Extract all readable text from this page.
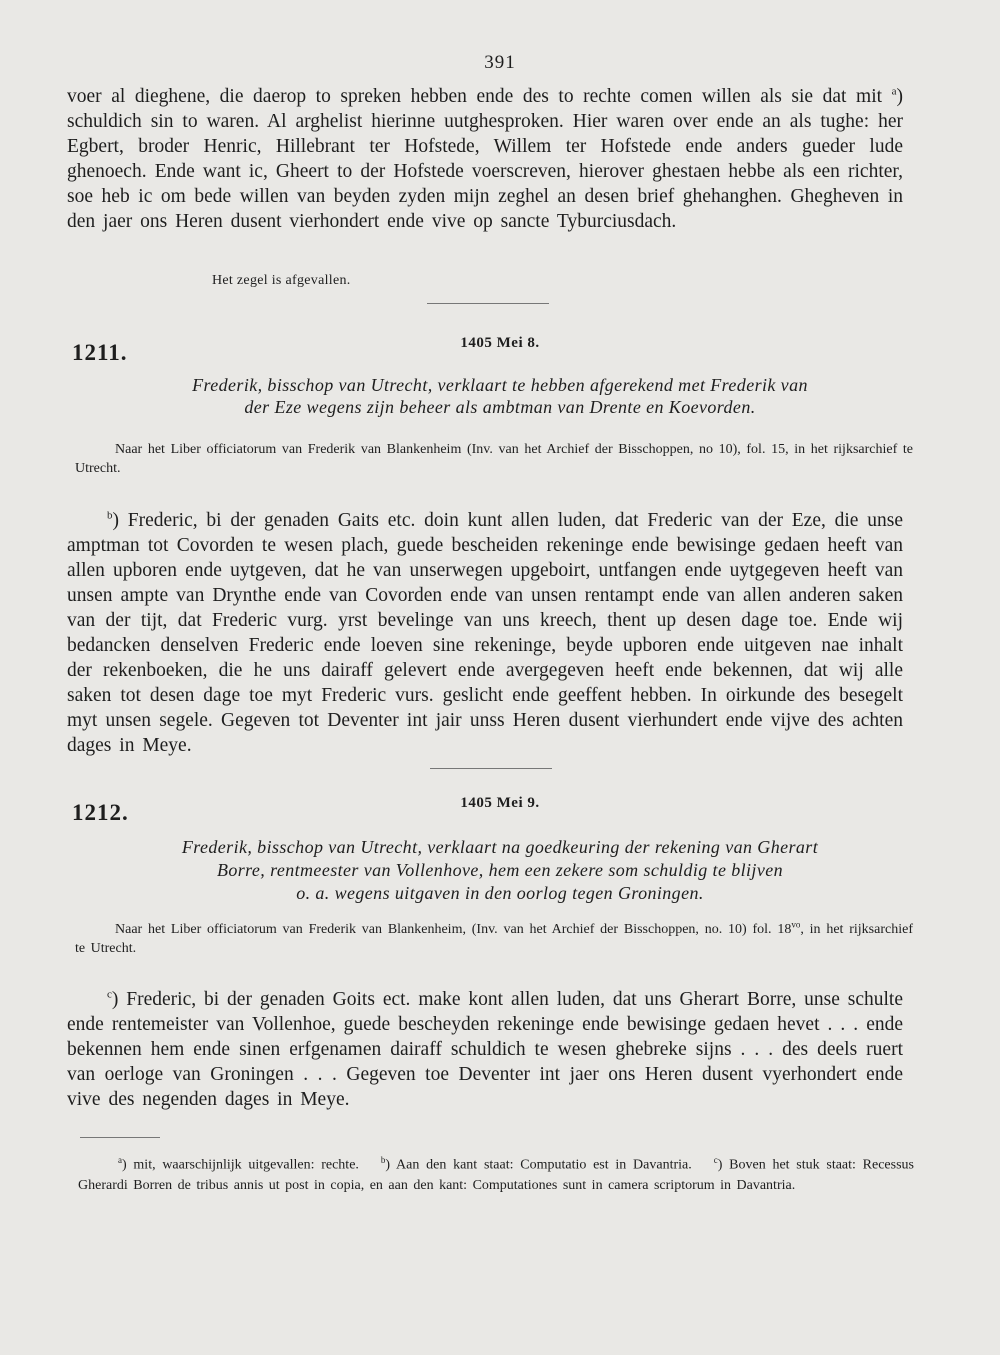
391
voer al dieghene, die daerop to spreken hebben ende des to rechte comen willen als sie dat mit $^a$) schuldich sin to waren. Al arghelist hierinne uutghesproken. Hier waren over ende an als tughe: her Egbert, broder Henric, Hillebrant ter Hofstede, Willem ter Hofstede ende anders gueder lude ghenoech. Ende want ic, Gheert to der Hofstede voerscreven, hierover ghestaen hebbe als een richter, soe heb ic om bede willen van beyden zyden mijn zeghel an desen brief ghehanghen. Ghegheven in den jaer ons Heren dusent vierhondert ende vive op sancte Tyburciusdach.
Het zegel is afgevallen.
1211.	1405 Mei 8.
Frederik, bisschop van Utrecht, verklaart te hebben afgerekend met Frederik van
der Eze wegens zijn beheer als ambtman van Drente en Koevorden.
Naar het Liber officiatorum van Frederik van Blankenheim (Inv. van het Archief der Bisschoppen, no 10), fol. 15, in het rijksarchief te Utrecht.
$^b$) Frederic, bi der genaden Gaits etc. doin kunt allen luden, dat Frederic van der Eze, die unse amptman tot Covorden te wesen plach, guede bescheiden rekeninge ende bewisinge gedaen heeft van allen upboren ende uytgeven, dat he van unserwegen upgeboirt, untfangen ende uytgegeven heeft van unsen ampte van Drynthe ende van Covorden ende van unsen rentampt ende van allen anderen saken van der tijt, dat Frederic vurg. yrst bevelinge van uns kreech, thent up desen dage toe. Ende wij bedancken denselven Frederic ende loeven sine rekeninge, beyde upboren ende uitgeven nae inhalt der rekenboeken, die he uns dairaff gelevert ende avergegeven heeft ende bekennen, dat wij alle saken tot desen dage toe myt Frederic vurs. geslicht ende geeffent hebben. In oirkunde des besegelt myt unsen segele. Gegeven tot Deventer int jair unss Heren dusent vierhundert ende vijve des achten dages in Meye.
1212.	1405 Mei 9.
Frederik, bisschop van Utrecht, verklaart na goedkeuring der rekening van Gherart
Borre, rentmeester van Vollenhove, hem een zekere som schuldig te blijven
o. a. wegens uitgaven in den oorlog tegen Groningen.
Naar het Liber officiatorum van Frederik van Blankenheim, (Inv. van het Archief der Bisschoppen, no. 10) fol. $18^{vo}$, in het rijksarchief te Utrecht.
$^c$) Frederic, bi der genaden Goits ect. make kont allen luden, dat uns Gherart Borre, unse schulte ende rentemeister van Vollenhoe, guede bescheyden rekeninge ende bewisinge gedaen hevet . . . ende bekennen hem ende sinen erfgenamen dairaff schuldich te wesen ghebreke sijns . . . des deels ruert van oerloge van Groningen . . . Gegeven toe Deventer int jaer ons Heren dusent vyerhondert ende vive des negenden dages in Meye.
$^a$) mit, waarschijnlijk uitgevallen: rechte. $^b$) Aan den kant staat: Computatio est in Davantria. $^c$) Boven het stuk staat: Recessus Gherardi Borren de tribus annis ut post in copia, en aan den kant: Computationes sunt in camera scriptorum in Davantria.
